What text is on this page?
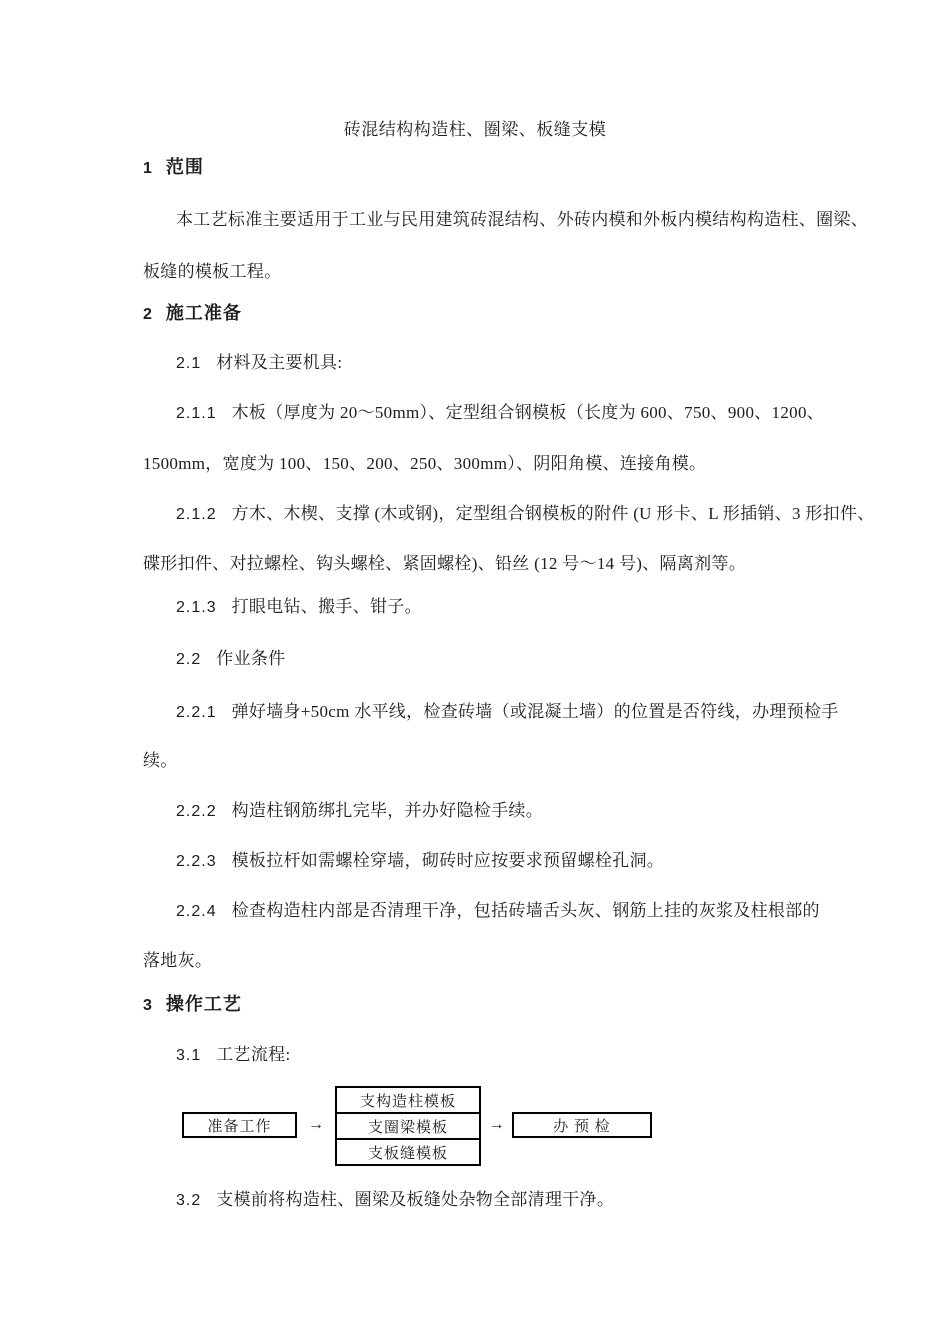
砖混结构构造柱、圈梁、板缝支模
1 范围
本工艺标准主要适用于工业与民用建筑砖混结构、外砖内模和外板内模结构构造柱、圈梁、
板缝的模板工程。
2 施工准备
2.1 材料及主要机具:
2.1.1 木板（厚度为 20～50mm）、定型组合钢模板（长度为 600、750、900、1200、
1500mm，宽度为 100、150、200、250、300mm）、阴阳角模、连接角模。
2.1.2 方木、木楔、支撑 (木或钢)，定型组合钢模板的附件 (U 形卡、L 形插销、3 形扣件、
碟形扣件、对拉螺栓、钩头螺栓、紧固螺栓)、铅丝 (12 号～14 号)、隔离剂等。
2.1.3 打眼电钻、搬手、钳子。
2.2 作业条件
2.2.1 弹好墙身+50cm 水平线，检查砖墙（或混凝土墙）的位置是否符线，办理预检手
续。
2.2.2 构造柱钢筋绑扎完毕，并办好隐检手续。
2.2.3 模板拉杆如需螺栓穿墙，砌砖时应按要求预留螺栓孔洞。
2.2.4 检查构造柱内部是否清理干净，包括砖墙舌头灰、钢筋上挂的灰浆及柱根部的
落地灰。
3 操作工艺
3.1 工艺流程:
准备工作	→
支构造柱模板
支圈梁模板
支板缝模板
→	办 预 检
3.2 支模前将构造柱、圈梁及板缝处杂物全部清理干净。
